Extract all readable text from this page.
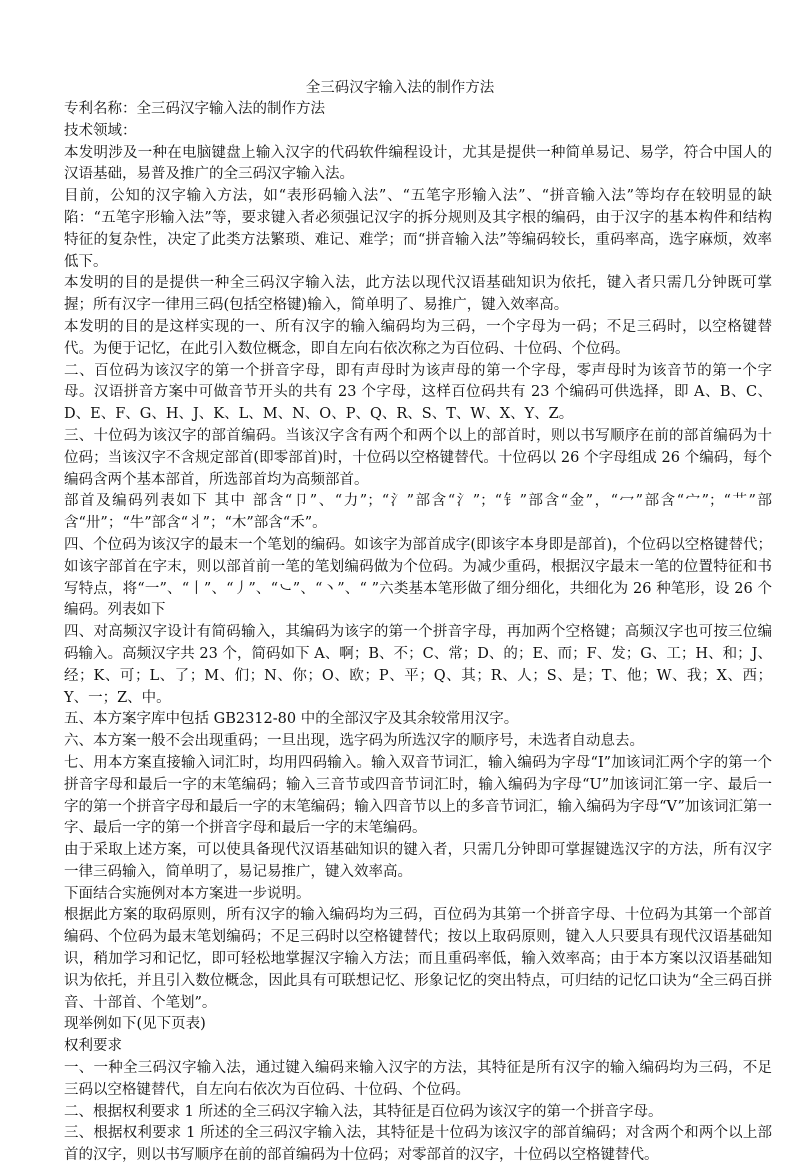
全三码汉字输入法的制作方法

专利名称：全三码汉字输入法的制作方法

技术领域：

本发明涉及一种在电脑键盘上输入汉字的代码软件编程设计，尤其是提供一种简单易记、易学，符合中国人的汉语基础，易普及推广的全三码汉字输入法。

目前，公知的汉字输入方法，如“表形码输入法”、“五笔字形输入法”、“拼音输入法”等均存在较明显的缺陷：“五笔字形输入法”等，要求键入者必须强记汉字的拆分规则及其字根的编码，由于汉字的基本构件和结构特征的复杂性，决定了此类方法繁琐、难记、难学；而“拼音输入法”等编码较长，重码率高，选字麻烦，效率低下。

本发明的目的是提供一种全三码汉字输入法，此方法以现代汉语基础知识为依托，键入者只需几分钟既可掌握；所有汉字一律用三码(包括空格键)输入，简单明了、易推广，键入效率高。

本发明的目的是这样实现的一、所有汉字的输入编码均为三码，一个字母为一码；不足三码时，以空格键替代。为便于记忆，在此引入数位概念，即自左向右依次称之为百位码、十位码、个位码。

二、百位码为该汉字的第一个拼音字母，即有声母时为该声母的第一个字母，零声母时为该音节的第一个字母。汉语拼音方案中可做音节开头的共有 23 个字母，这样百位码共有 23 个编码可供选择，即 A、B、C、D、E、F、G、H、J、K、L、M、N、O、P、Q、R、S、T、W、X、Y、Z。

三、十位码为该汉字的部首编码。当该汉字含有两个和两个以上的部首时，则以书写顺序在前的部首编码为十位码；当该汉字不含规定部首(即零部首)时，十位码以空格键替代。十位码以 26 个字母组成 26 个编码，每个编码含两个基本部首，所选部首均为高频部首。

部首及编码列表如下 其中 部含“卩”、“力”；“氵”部含“氵”；“钅”部含“金”，“冖”部含“宀”；“艹”部含“卅”；“牛”部含“丬”；“木”部含“禾”。

四、个位码为该汉字的最末一个笔划的编码。如该字为部首成字(即该字本身即是部首)，个位码以空格键替代；如该字部首在字末，则以部首前一笔的笔划编码做为个位码。为减少重码，根据汉字最末一笔的位置特征和书写特点，将“一”、“丨”、“丿”、“㇃”、“丶”、“ ”六类基本笔形做了细分细化，共细化为 26 种笔形，设 26 个编码。列表如下

四、对高频汉字设计有简码输入，其编码为该字的第一个拼音字母，再加两个空格键；高频汉字也可按三位编码输入。高频汉字共 23 个，简码如下 A、啊；B、不；C、常；D、的；E、而；F、发；G、工；H、和；J、经；K、可；L、了；M、们；N、你；O、欧；P、平；Q、其；R、人；S、是；T、他；W、我；X、西；Y、一；Z、中。

五、本方案字库中包括 GB2312-80 中的全部汉字及其余较常用汉字。

六、本方案一般不会出现重码；一旦出现，选字码为所选汉字的顺序号，未选者自动息去。

七、用本方案直接输入词汇时，均用四码输入。输入双音节词汇，输入编码为字母“I”加该词汇两个字的第一个拼音字母和最后一字的末笔编码；输入三音节或四音节词汇时，输入编码为字母“U”加该词汇第一字、最后一字的第一个拼音字母和最后一字的末笔编码；输入四音节以上的多音节词汇，输入编码为字母“V”加该词汇第一字、最后一字的第一个拼音字母和最后一字的末笔编码。

由于采取上述方案，可以使具备现代汉语基础知识的键入者，只需几分钟即可掌握键选汉字的方法，所有汉字一律三码输入，简单明了，易记易推广，键入效率高。

下面结合实施例对本方案进一步说明。

根据此方案的取码原则，所有汉字的输入编码均为三码，百位码为其第一个拼音字母、十位码为其第一个部首编码、个位码为最末笔划编码；不足三码时以空格键替代；按以上取码原则，键入人只要具有现代汉语基础知识，稍加学习和记忆，即可轻松地掌握汉字输入方法；而且重码率低，输入效率高；由于本方案以汉语基础知识为依托，并且引入数位概念，因此具有可联想记忆、形象记忆的突出特点，可归结的记忆口诀为“全三码百拼音、十部首、个笔划”。

现举例如下(见下页表)

权利要求

一、一种全三码汉字输入法，通过键入编码来输入汉字的方法，其特征是所有汉字的输入编码均为三码，不足三码以空格键替代，自左向右依次为百位码、十位码、个位码。

二、根据权利要求 1 所述的全三码汉字输入法，其特征是百位码为该汉字的第一个拼音字母。

三、根据权利要求 1 所述的全三码汉字输入法，其特征是十位码为该汉字的部首编码；对含两个和两个以上部首的汉字，则以书写顺序在前的部首编码为十位码；对零部首的汉字，十位码以空格键替代。
